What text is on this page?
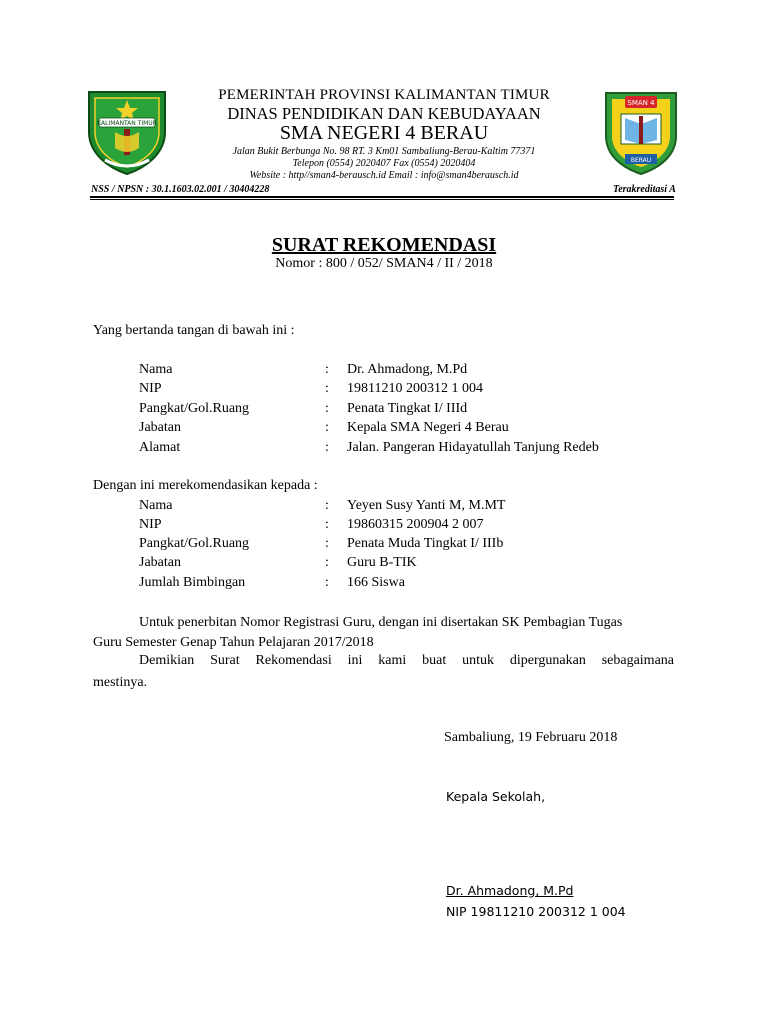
KALIMANTAN TIMUR
SMAN 4
BERAU
PEMERINTAH PROVINSI KALIMANTAN TIMUR
DINAS PENDIDIKAN DAN KEBUDAYAAN
SMA NEGERI 4 BERAU
Jalan Bukit Berbunga No. 98 RT. 3 Km01 Sambaliung-Berau-Kaltim 77371
Telepon (0554) 2020407 Fax (0554) 2020404
Website : http//sman4-berausch.id Email : info@sman4berausch.id
NSS / NPSN : 30.1.1603.02.001 / 30404228	Terakreditasi A
SURAT REKOMENDASI
Nomor : 800 / 052/ SMAN4 / II / 2018
Yang bertanda tangan di bawah ini :
Nama	: Dr. Ahmadong, M.Pd
NIP	: 19811210 200312 1 004
Pangkat/Gol.Ruang	: Penata Tingkat I/ IIId
Jabatan	: Kepala SMA Negeri 4 Berau
Alamat	: Jalan. Pangeran Hidayatullah Tanjung Redeb
Dengan ini merekomendasikan kepada :
Nama	: Yeyen Susy Yanti M, M.MT
NIP	: 19860315 200904 2 007
Pangkat/Gol.Ruang	: Penata Muda Tingkat I/ IIIb
Jabatan	: Guru B-TIK
Jumlah Bimbingan	: 166 Siswa
Untuk penerbitan Nomor Registrasi Guru, dengan ini disertakan SK Pembagian Tugas
Guru Semester Genap Tahun Pelajaran 2017/2018
Demikian Surat Rekomendasi ini kami buat untuk dipergunakan sebagaimana
mestinya.
Sambaliung, 19 Februaru 2018
Kepala Sekolah,
Dr. Ahmadong, M.Pd
NIP 19811210 200312 1 004
